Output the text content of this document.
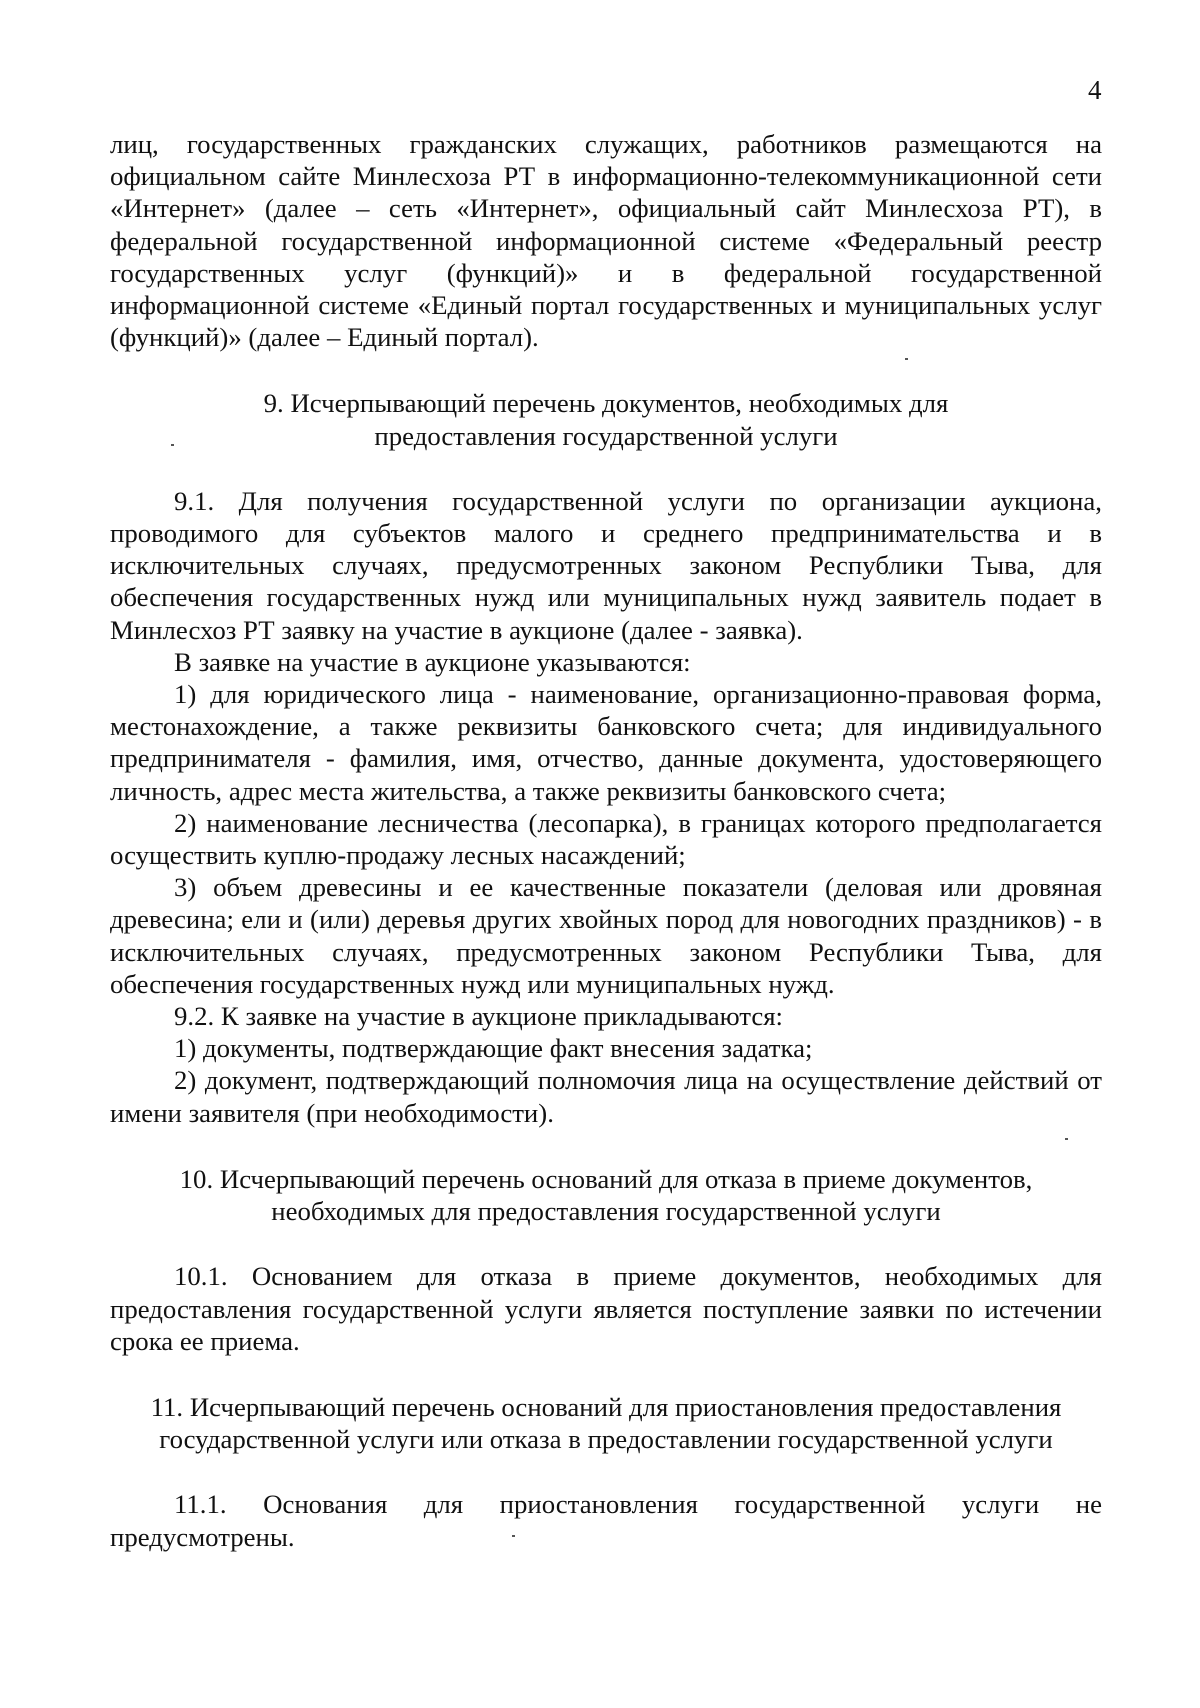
4

лиц, государственных гражданских служащих, работников размещаются на официальном сайте Минлесхоза РТ в информационно-телекоммуникационной сети «Интернет» (далее – сеть «Интернет», официальный сайт Минлесхоза РТ), в федеральной государственной информационной системе «Федеральный реестр государственных услуг (функций)» и в федеральной государственной информационной системе «Единый портал государственных и муниципальных услуг (функций)» (далее – Единый портал).

9. Исчерпывающий перечень документов, необходимых для предоставления государственной услуги

9.1. Для получения государственной услуги по организации аукциона, проводимого для субъектов малого и среднего предпринимательства и в исключительных случаях, предусмотренных законом Республики Тыва, для обеспечения государственных нужд или муниципальных нужд заявитель подает в Минлесхоз РТ заявку на участие в аукционе (далее - заявка).

В заявке на участие в аукционе указываются:

1) для юридического лица - наименование, организационно-правовая форма, местонахождение, а также реквизиты банковского счета; для индивидуального предпринимателя - фамилия, имя, отчество, данные документа, удостоверяющего личность, адрес места жительства, а также реквизиты банковского счета;

2) наименование лесничества (лесопарка), в границах которого предполагается осуществить куплю-продажу лесных насаждений;

3) объем древесины и ее качественные показатели (деловая или дровяная древесина; ели и (или) деревья других хвойных пород для новогодних праздников) - в исключительных случаях, предусмотренных законом Республики Тыва, для обеспечения государственных нужд или муниципальных нужд.

9.2. К заявке на участие в аукционе прикладываются:

1) документы, подтверждающие факт внесения задатка;

2) документ, подтверждающий полномочия лица на осуществление действий от имени заявителя (при необходимости).

10. Исчерпывающий перечень оснований для отказа в приеме документов,
необходимых для предоставления государственной услуги

10.1. Основанием для отказа в приеме документов, необходимых для предоставления государственной услуги является поступление заявки по истечении срока ее приема.

11. Исчерпывающий перечень оснований для приостановления предоставления
государственной услуги или отказа в предоставлении государственной услуги

11.1. Основания для приостановления государственной услуги не предусмотрены.
